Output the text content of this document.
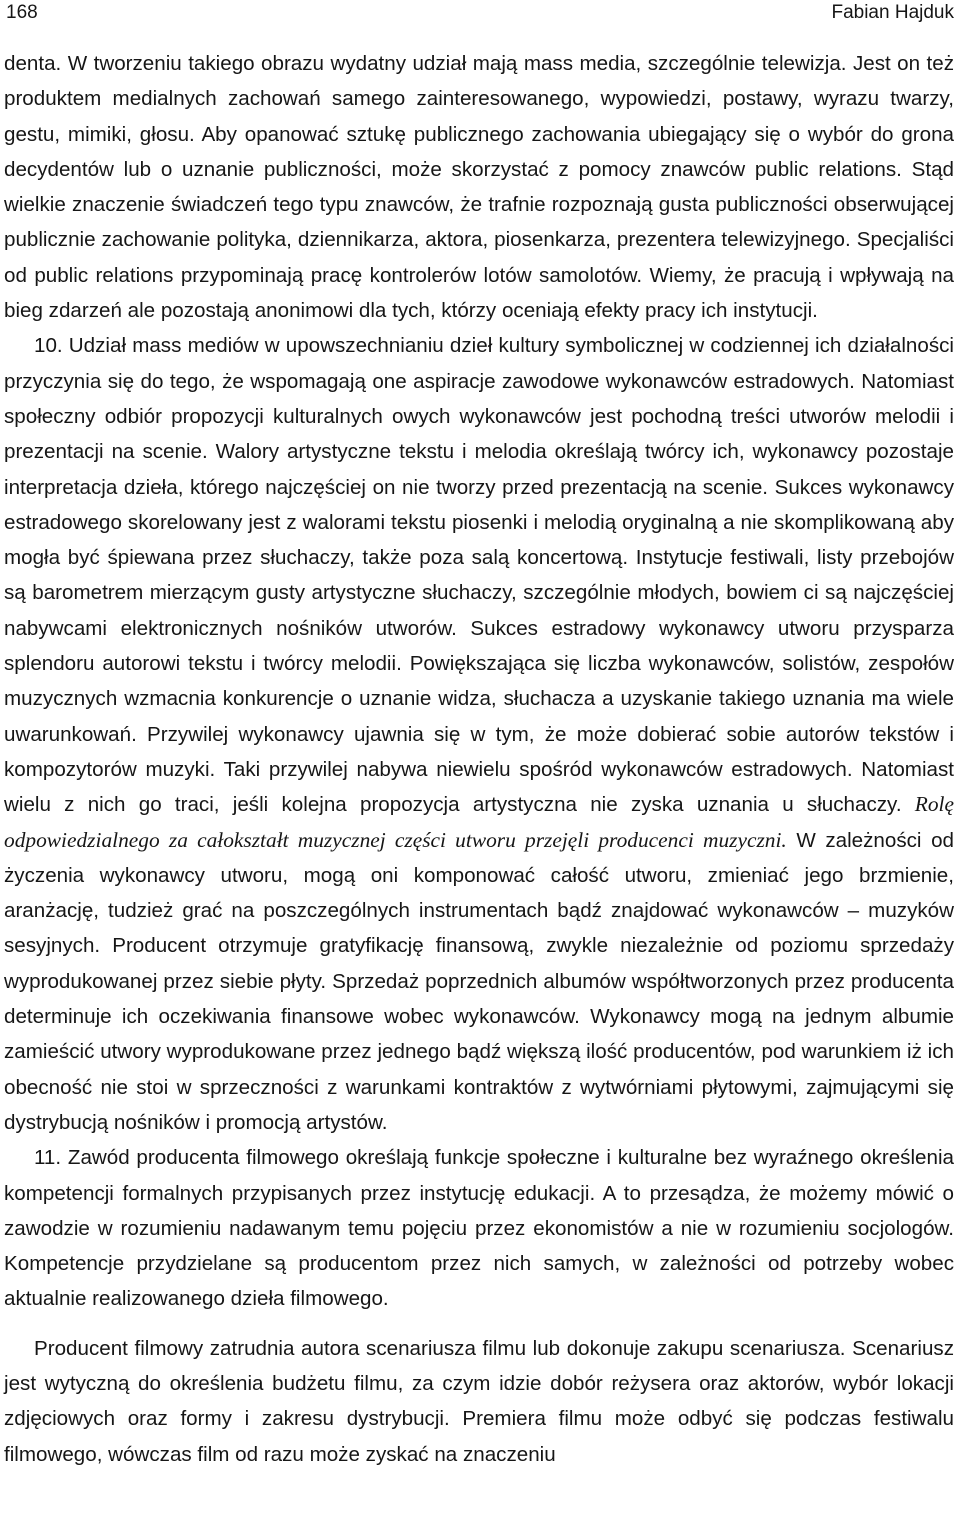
168	Fabian Hajduk

denta. W tworzeniu takiego obrazu wydatny udział mają mass media, szczególnie telewizja. Jest on też produktem medialnych zachowań samego zainteresowanego, wypowiedzi, postawy, wyrazu twarzy, gestu, mimiki, głosu. Aby opanować sztukę publicznego zachowania ubiegający się o wybór do grona decydentów lub o uznanie publiczności, może skorzystać z pomocy znawców public relations. Stąd wielkie znaczenie świadczeń tego typu znawców, że trafnie rozpoznają gusta publiczności obserwującej publicznie zachowanie polityka, dziennikarza, aktora, piosenkarza, prezentera telewizyjnego. Specjaliści od public relations przypominają pracę kontrolerów lotów samolotów. Wiemy, że pracują i wpływają na bieg zdarzeń ale pozostają anonimowi dla tych, którzy oceniają efekty pracy ich instytucji.

10. Udział mass mediów w upowszechnianiu dzieł kultury symbolicznej w codziennej ich działalności przyczynia się do tego, że wspomagają one aspiracje zawodowe wykonawców estradowych. Natomiast społeczny odbiór propozycji kulturalnych owych wykonawców jest pochodną treści utworów melodii i prezentacji na scenie. Walory artystyczne tekstu i melodia określają twórcy ich, wykonawcy pozostaje interpretacja dzieła, którego najczęściej on nie tworzy przed prezentacją na scenie. Sukces wykonawcy estradowego skorelowany jest z walorami tekstu piosenki i melodią oryginalną a nie skomplikowaną aby mogła być śpiewana przez słuchaczy, także poza salą koncertową. Instytucje festiwali, listy przebojów są barometrem mierzącym gusty artystyczne słuchaczy, szczególnie młodych, bowiem ci są najczęściej nabywcami elektronicznych nośników utworów. Sukces estradowy wykonawcy utworu przysparza splendoru autorowi tekstu i twórcy melodii. Powiększająca się liczba wykonawców, solistów, zespołów muzycznych wzmacnia konkurencje o uznanie widza, słuchacza a uzyskanie takiego uznania ma wiele uwarunkowań. Przywilej wykonawcy ujawnia się w tym, że może dobierać sobie autorów tekstów i kompozytorów muzyki. Taki przywilej nabywa niewielu spośród wykonawców estradowych. Natomiast wielu z nich go traci, jeśli kolejna propozycja artystyczna nie zyska uznania u słuchaczy. Rolę odpowiedzialnego za całokształt muzycznej części utworu przejęli producenci muzyczni. W zależności od życzenia wykonawcy utworu, mogą oni komponować całość utworu, zmieniać jego brzmienie, aranżację, tudzież grać na poszczególnych instrumentach bądź znajdować wykonawców – muzyków sesyjnych. Producent otrzymuje gratyfikację finansową, zwykle niezależnie od poziomu sprzedaży wyprodukowanej przez siebie płyty. Sprzedaż poprzednich albumów współtworzonych przez producenta determinuje ich oczekiwania finansowe wobec wykonawców. Wykonawcy mogą na jednym albumie zamieścić utwory wyprodukowane przez jednego bądź większą ilość producentów, pod warunkiem iż ich obecność nie stoi w sprzeczności z warunkami kontraktów z wytwórniami płytowymi, zajmującymi się dystrybucją nośników i promocją artystów.

11. Zawód producenta filmowego określają funkcje społeczne i kulturalne bez wyraźnego określenia kompetencji formalnych przypisanych przez instytucję edukacji. A to przesądza, że możemy mówić o zawodzie w rozumieniu nadawanym temu pojęciu przez ekonomistów a nie w rozumieniu socjologów. Kompetencje przydzielane są producentom przez nich samych, w zależności od potrzeby wobec aktualnie realizowanego dzieła filmowego.

Producent filmowy zatrudnia autora scenariusza filmu lub dokonuje zakupu scenariusza. Scenariusz jest wytyczną do określenia budżetu filmu, za czym idzie dobór reżysera oraz aktorów, wybór lokacji zdjęciowych oraz formy i zakresu dystrybucji. Premiera filmu może odbyć się podczas festiwalu filmowego, wówczas film od razu może zyskać na znaczeniu
